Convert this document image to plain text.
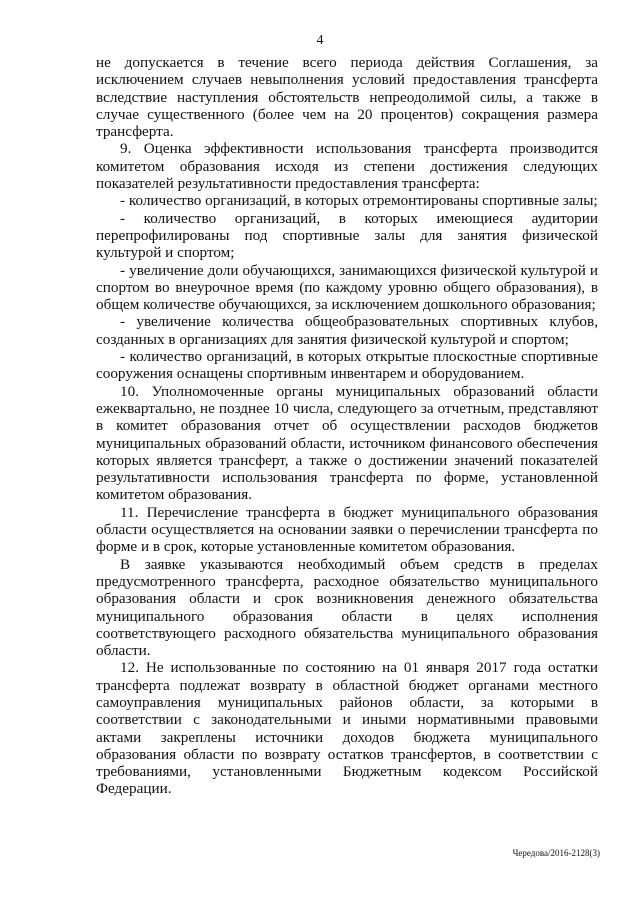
4

не допускается в течение всего периода действия Соглашения, за исключением случаев невыполнения условий предоставления трансферта вследствие наступления обстоятельств непреодолимой силы, а также в случае существенного (более чем на 20 процентов) сокращения размера трансферта.

9. Оценка эффективности использования трансферта производится комитетом образования исходя из степени достижения следующих показателей результативности предоставления трансферта:

- количество организаций, в которых отремонтированы спортивные залы;

- количество организаций, в которых имеющиеся аудитории перепрофилированы под спортивные залы для занятия физической культурой и спортом;

- увеличение доли обучающихся, занимающихся физической культурой и спортом во внеурочное время (по каждому уровню общего образования), в общем количестве обучающихся, за исключением дошкольного образования;

- увеличение количества общеобразовательных спортивных клубов, созданных в организациях для занятия физической культурой и спортом;

- количество организаций, в которых открытые плоскостные спортивные сооружения оснащены спортивным инвентарем и оборудованием.

10. Уполномоченные органы муниципальных образований области ежеквартально, не позднее 10 числа, следующего за отчетным, представляют в комитет образования отчет об осуществлении расходов бюджетов муниципальных образований области, источником финансового обеспечения которых является трансферт, а также о достижении значений показателей результативности использования трансферта по форме, установленной комитетом образования.

11. Перечисление трансферта в бюджет муниципального образования области осуществляется на основании заявки о перечислении трансферта по форме и в срок, которые установленные комитетом образования.

В заявке указываются необходимый объем средств в пределах предусмотренного трансферта, расходное обязательство муниципального образования области и срок возникновения денежного обязательства муниципального образования области в целях исполнения соответствующего расходного обязательства муниципального образования области.

12. Не использованные по состоянию на 01 января 2017 года остатки трансферта подлежат возврату в областной бюджет органами местного самоуправления муниципальных районов области, за которыми в соответствии с законодательными и иными нормативными правовыми актами закреплены источники доходов бюджета муниципального образования области по возврату остатков трансфертов, в соответствии с требованиями, установленными Бюджетным кодексом Российской Федерации.

Чередова/2016-2128(3)
